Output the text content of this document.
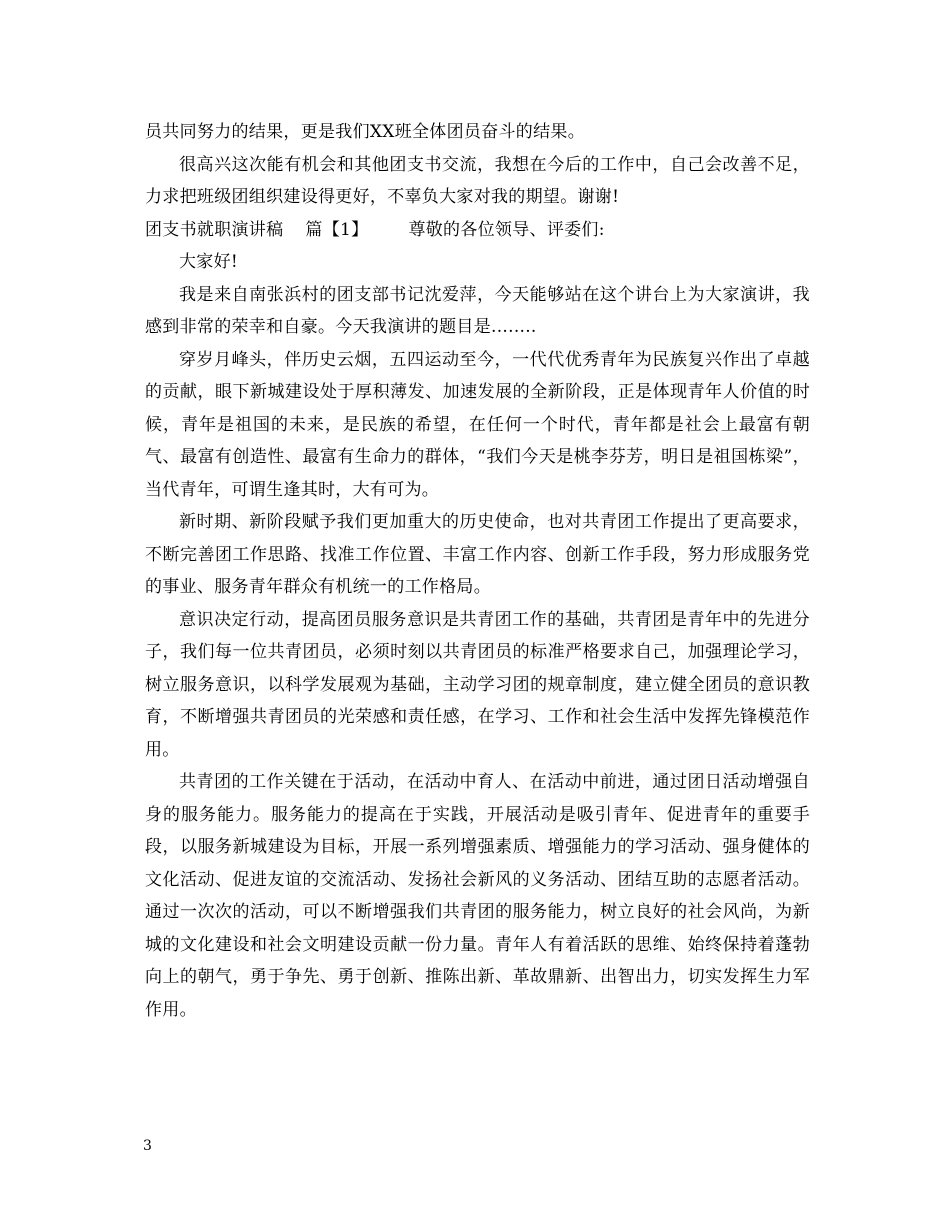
员共同努力的结果，更是我们XX班全体团员奋斗的结果。

很高兴这次能有机会和其他团支书交流，我想在今后的工作中，自己会改善不足，力求把班级团组织建设得更好，不辜负大家对我的期望。谢谢!

团支书就职演讲稿 篇【1】 尊敬的各位领导、评委们:

大家好!

我是来自南张浜村的团支部书记沈爱萍，今天能够站在这个讲台上为大家演讲，我感到非常的荣幸和自豪。今天我演讲的题目是........

穿岁月峰头，伴历史云烟，五四运动至今，一代代优秀青年为民族复兴作出了卓越的贡献，眼下新城建设处于厚积薄发、加速发展的全新阶段，正是体现青年人价值的时候，青年是祖国的未来，是民族的希望，在任何一个时代，青年都是社会上最富有朝气、最富有创造性、最富有生命力的群体，“我们今天是桃李芬芳，明日是祖国栋梁”，当代青年，可谓生逢其时，大有可为。

新时期、新阶段赋予我们更加重大的历史使命，也对共青团工作提出了更高要求，不断完善团工作思路、找准工作位置、丰富工作内容、创新工作手段，努力形成服务党的事业、服务青年群众有机统一的工作格局。

意识决定行动，提高团员服务意识是共青团工作的基础，共青团是青年中的先进分子，我们每一位共青团员，必须时刻以共青团员的标准严格要求自己，加强理论学习，树立服务意识，以科学发展观为基础，主动学习团的规章制度，建立健全团员的意识教育，不断增强共青团员的光荣感和责任感，在学习、工作和社会生活中发挥先锋模范作用。

共青团的工作关键在于活动，在活动中育人、在活动中前进，通过团日活动增强自身的服务能力。服务能力的提高在于实践，开展活动是吸引青年、促进青年的重要手段，以服务新城建设为目标，开展一系列增强素质、增强能力的学习活动、强身健体的文化活动、促进友谊的交流活动、发扬社会新风的义务活动、团结互助的志愿者活动。通过一次次的活动，可以不断增强我们共青团的服务能力，树立良好的社会风尚，为新城的文化建设和社会文明建设贡献一份力量。青年人有着活跃的思维、始终保持着蓬勃向上的朝气，勇于争先、勇于创新、推陈出新、革故鼎新、出智出力，切实发挥生力军作用。

3
